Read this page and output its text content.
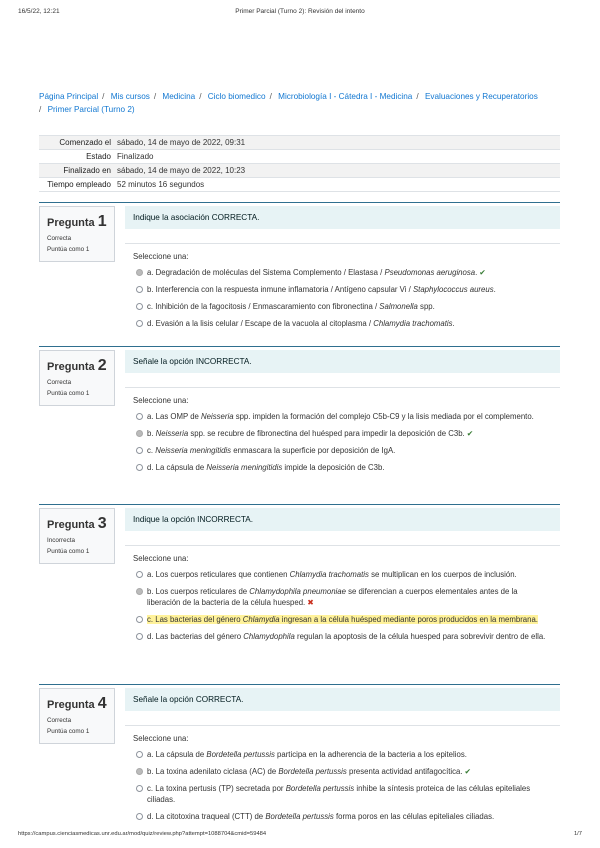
16/5/22, 12:21	Primer Parcial (Turno 2): Revisión del intento
Página Principal / Mis cursos / Medicina / Ciclo biomedico / Microbiología I - Cátedra I - Medicina / Evaluaciones y Recuperatorios
/ Primer Parcial (Turno 2)
Comenzado el sábado, 14 de mayo de 2022, 09:31
Estado Finalizado
Finalizado en sábado, 14 de mayo de 2022, 10:23
Tiempo empleado 52 minutos 16 segundos
Pregunta 1
Correcta
Puntúa como 1
Indique la asociación CORRECTA.
Seleccione una:
a. Degradación de moléculas del Sistema Complemento / Elastasa / Pseudomonas aeruginosa. ✔
b. Interferencia con la respuesta inmune inflamatoria / Antígeno capsular Vi / Staphylococcus aureus.
c. Inhibición de la fagocitosis / Enmascaramiento con fibronectina / Salmonella spp.
d. Evasión a la lisis celular / Escape de la vacuola al citoplasma / Chlamydia trachomatis.
Pregunta 2
Correcta
Puntúa como 1
Señale la opción INCORRECTA.
Seleccione una:
a. Las OMP de Neisseria spp. impiden la formación del complejo C5b-C9 y la lisis mediada por el complemento.
b. Neisseria spp. se recubre de fibronectina del huésped para impedir la deposición de C3b. ✔
c. Neisseria meningitidis enmascara la superficie por deposición de IgA.
d. La cápsula de Neisseria meningitidis impide la deposición de C3b.
Pregunta 3
Incorrecta
Puntúa como 1
Indique la opción INCORRECTA.
Seleccione una:
a. Los cuerpos reticulares que contienen Chlamydia trachomatis se multiplican en los cuerpos de inclusión.
b. Los cuerpos reticulares de Chlamydophila pneumoniae se diferencian a cuerpos elementales antes de la liberación de la bacteria de la célula huesped. ✖
c. Las bacterias del género Chlamydia ingresan a la célula huésped mediante poros producidos en la membrana.
d. Las bacterias del género Chlamydophila regulan la apoptosis de la célula huesped para sobrevivir dentro de ella.
Pregunta 4
Correcta
Puntúa como 1
Señale la opción CORRECTA.
Seleccione una:
a. La cápsula de Bordetella pertussis participa en la adherencia de la bacteria a los epitelios.
b. La toxina adenilato ciclasa (AC) de Bordetella pertussis presenta actividad antifagocítica. ✔
c. La toxina pertusis (TP) secretada por Bordetella pertussis inhibe la síntesis proteica de las células epiteliales ciliadas.
d. La citotoxina traqueal (CTT) de Bordetella pertussis forma poros en las células epiteliales ciliadas.
https://campus.cienciasmedicas.unr.edu.ar/mod/quiz/review.php?attempt=1088704&cmid=59484	1/7
